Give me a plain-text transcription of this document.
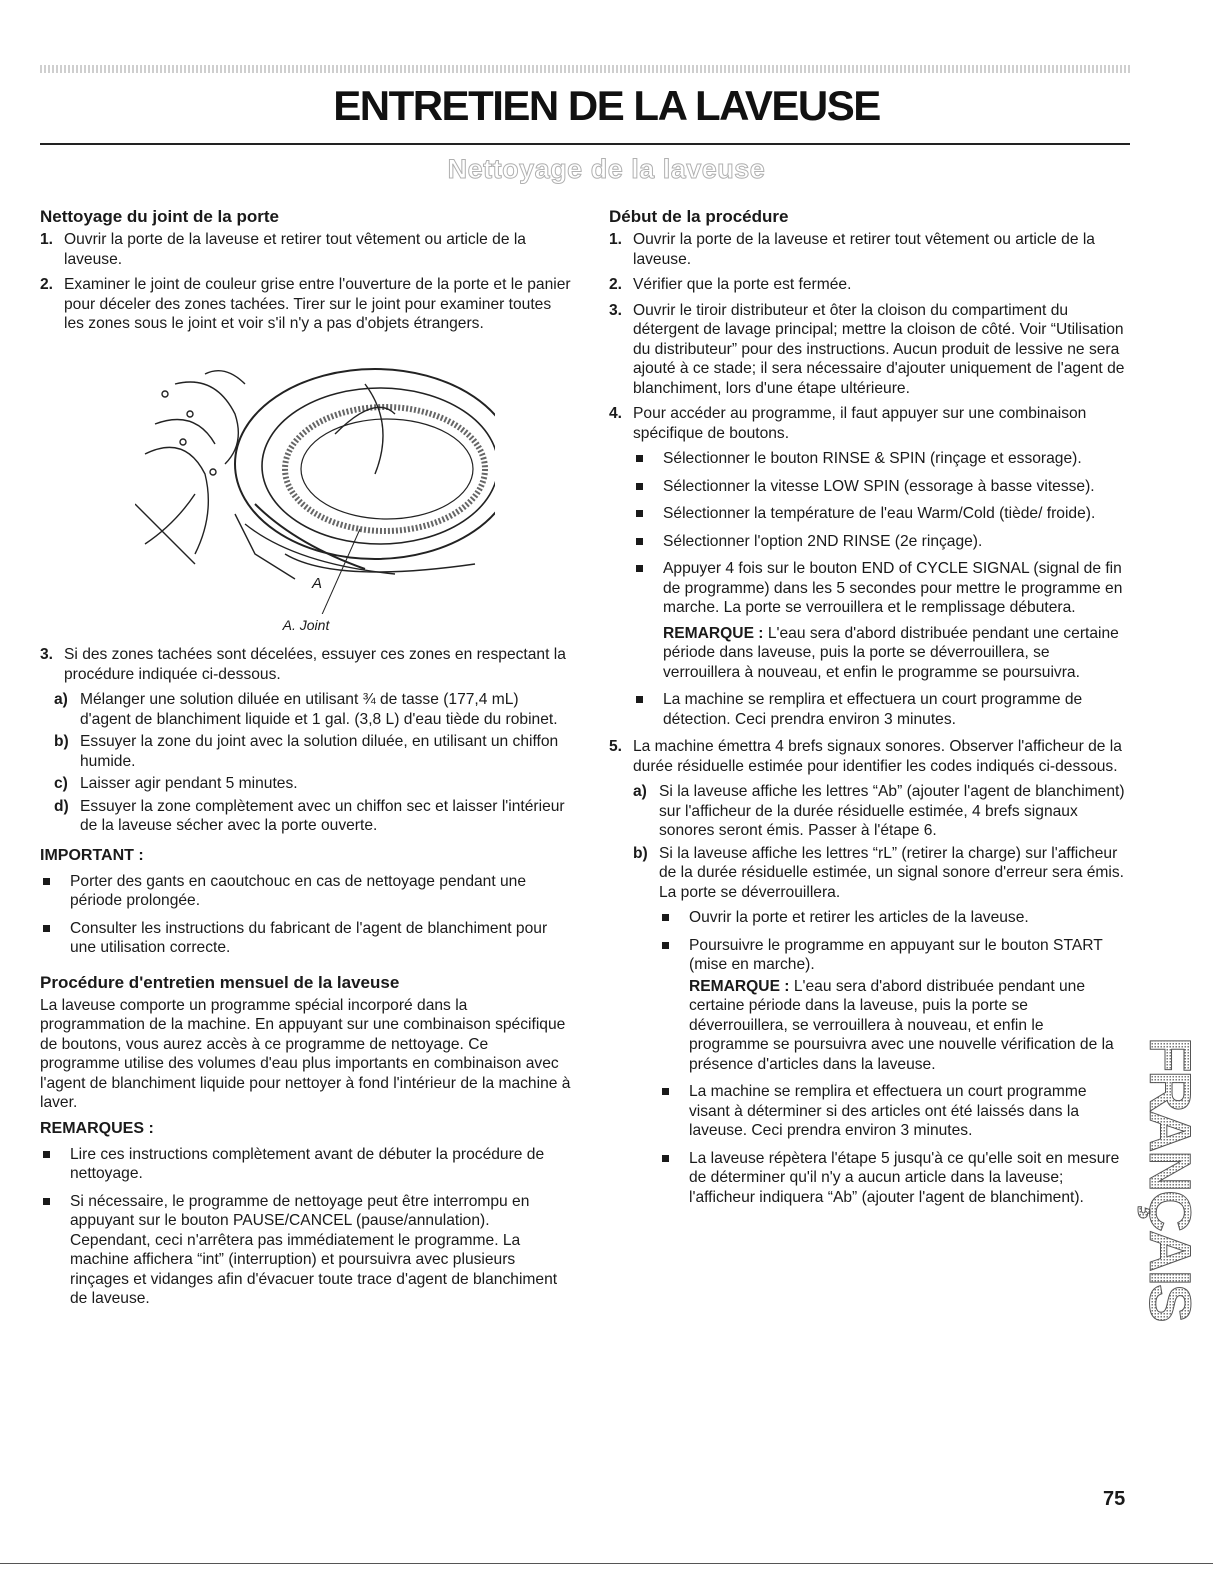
ENTRETIEN DE LA LAVEUSE
Nettoyage de la laveuse
Nettoyage du joint de la porte
1. Ouvrir la porte de la laveuse et retirer tout vêtement ou article de la laveuse.
2. Examiner le joint de couleur grise entre l'ouverture de la porte et le panier pour déceler des zones tachées. Tirer sur le joint pour examiner toutes les zones sous le joint et voir s'il n'y a pas d'objets étrangers.
A
A. Joint
3. Si des zones tachées sont décelées, essuyer ces zones en respectant la procédure indiquée ci-dessous.
a) Mélanger une solution diluée en utilisant ¾ de tasse (177,4 mL) d'agent de blanchiment liquide et 1 gal. (3,8 L) d'eau tiède du robinet.
b) Essuyer la zone du joint avec la solution diluée, en utilisant un chiffon humide.
c) Laisser agir pendant 5 minutes.
d) Essuyer la zone complètement avec un chiffon sec et laisser l'intérieur de la laveuse sécher avec la porte ouverte.
IMPORTANT :
Porter des gants en caoutchouc en cas de nettoyage pendant une période prolongée.
Consulter les instructions du fabricant de l'agent de blanchiment pour une utilisation correcte.
Procédure d'entretien mensuel de la laveuse

La laveuse comporte un programme spécial incorporé dans la programmation de la machine. En appuyant sur une combinaison spécifique de boutons, vous aurez accès à ce programme de nettoyage. Ce programme utilise des volumes d'eau plus importants en combinaison avec l'agent de blanchiment liquide pour nettoyer à fond l'intérieur de la machine à laver.

REMARQUES :
Lire ces instructions complètement avant de débuter la procédure de nettoyage.
Si nécessaire, le programme de nettoyage peut être interrompu en appuyant sur le bouton PAUSE/CANCEL (pause/annulation). Cependant, ceci n'arrêtera pas immédiatement le programme. La machine affichera “int” (interruption) et poursuivra avec plusieurs rinçages et vidanges afin d'évacuer toute trace d'agent de blanchiment de laveuse.
Début de la procédure
1. Ouvrir la porte de la laveuse et retirer tout vêtement ou article de la laveuse.
2. Vérifier que la porte est fermée.
3. Ouvrir le tiroir distributeur et ôter la cloison du compartiment du détergent de lavage principal; mettre la cloison de côté. Voir “Utilisation du distributeur” pour des instructions. Aucun produit de lessive ne sera ajouté à ce stade; il sera nécessaire d'ajouter uniquement de l'agent de blanchiment, lors d'une étape ultérieure.
4. Pour accéder au programme, il faut appuyer sur une combinaison spécifique de boutons.
Sélectionner le bouton RINSE & SPIN (rinçage et essorage).
Sélectionner la vitesse LOW SPIN (essorage à basse vitesse).
Sélectionner la température de l'eau Warm/Cold (tiède/ froide).
Sélectionner l'option 2ND RINSE (2e rinçage).
Appuyer 4 fois sur le bouton END of CYCLE SIGNAL (signal de fin de programme) dans les 5 secondes pour mettre le programme en marche. La porte se verrouillera et le remplissage débutera.
REMARQUE : L'eau sera d'abord distribuée pendant une certaine période dans laveuse, puis la porte se déverrouillera, se verrouillera à nouveau, et enfin le programme se poursuivra.
La machine se remplira et effectuera un court programme de détection. Ceci prendra environ 3 minutes.
5. La machine émettra 4 brefs signaux sonores. Observer l'afficheur de la durée résiduelle estimée pour identifier les codes indiqués ci-dessous.
a) Si la laveuse affiche les lettres “Ab” (ajouter l'agent de blanchiment) sur l'afficheur de la durée résiduelle estimée, 4 brefs signaux sonores seront émis. Passer à l'étape 6.
b) Si la laveuse affiche les lettres “rL” (retirer la charge) sur l'afficheur de la durée résiduelle estimée, un signal sonore d'erreur sera émis. La porte se déverrouillera.
Ouvrir la porte et retirer les articles de la laveuse.
Poursuivre le programme en appuyant sur le bouton START (mise en marche).
REMARQUE : L'eau sera d'abord distribuée pendant une certaine période dans la laveuse, puis la porte se déverrouillera, se verrouillera à nouveau, et enfin le programme se poursuivra avec une nouvelle vérification de la présence d'articles dans la laveuse.
La machine se remplira et effectuera un court programme visant à déterminer si des articles ont été laissés dans la laveuse. Ceci prendra environ 3 minutes.
La laveuse répètera l'étape 5 jusqu'à ce qu'elle soit en mesure de déterminer qu'il n'y a aucun article dans la laveuse; l'afficheur indiquera “Ab” (ajouter l'agent de blanchiment). FRANÇAIS
75
